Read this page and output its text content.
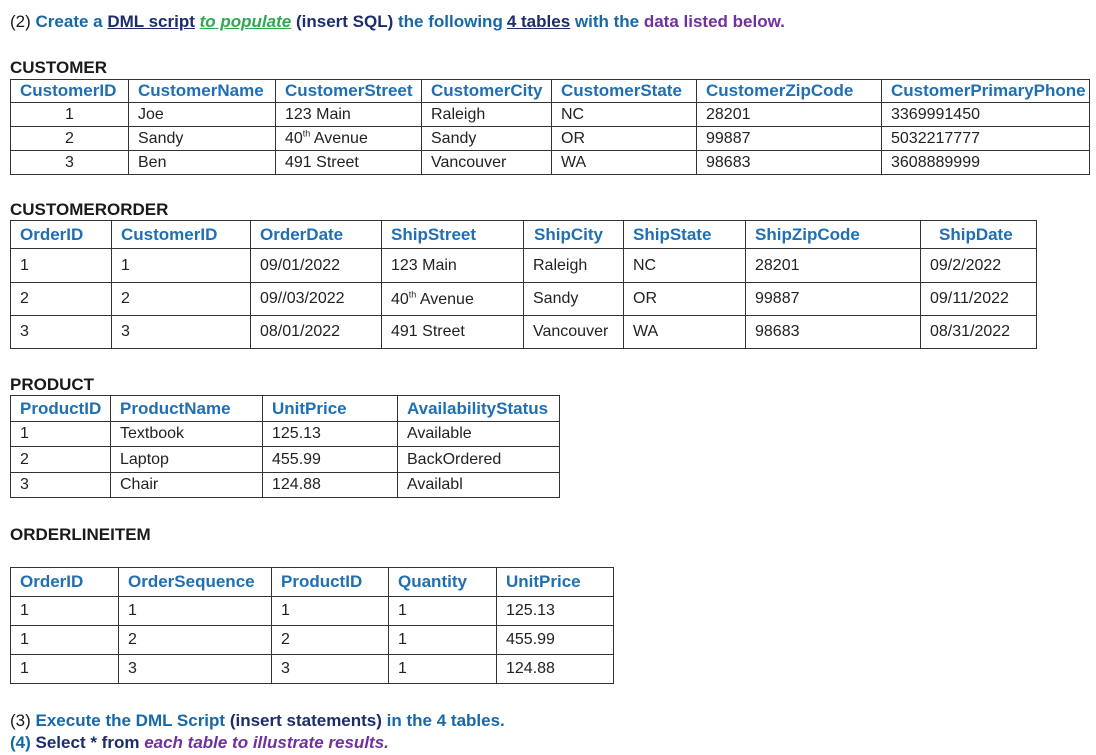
(2) Create a DML script to populate (insert SQL) the following 4 tables with the data listed below.
CUSTOMER
CustomerID	CustomerName	CustomerStreet	CustomerCity	CustomerState	CustomerZipCode	CustomerPrimaryPhone
1	Joe	123 Main	Raleigh	NC	28201	3369991450
2	Sandy	40th Avenue	Sandy	OR	99887	5032217777
3	Ben	491 Street	Vancouver	WA	98683	3608889999
CUSTOMERORDER
OrderID	CustomerID	OrderDate	ShipStreet	ShipCity	ShipState	ShipZipCode	ShipDate
1	1	09/01/2022	123 Main	Raleigh	NC	28201	09/2/2022
2	2	09//03/2022	40th Avenue	Sandy	OR	99887	09/11/2022
3	3	08/01/2022	491 Street	Vancouver	WA	98683	08/31/2022
PRODUCT
ProductID	ProductName	UnitPrice	AvailabilityStatus
1	Textbook	125.13	Available
2	Laptop	455.99	BackOrdered
3	Chair	124.88	Availabl
ORDERLINEITEM
OrderID	OrderSequence	ProductID	Quantity	UnitPrice
1	1	1	1	125.13
1	2	2	1	455.99
1	3	3	1	124.88
(3) Execute the DML Script (insert statements) in the 4 tables.
(4) Select * from each table to illustrate results.
